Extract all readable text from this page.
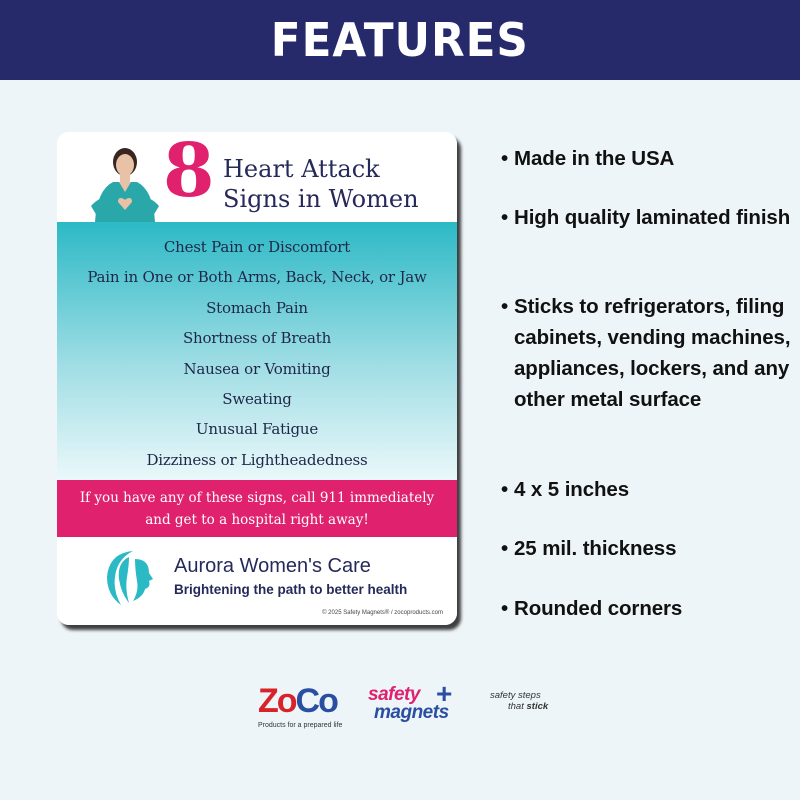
FEATURES
8 Heart Attack
Signs in Women
Chest Pain or Discomfort
Pain in One or Both Arms, Back, Neck, or Jaw
Stomach Pain
Shortness of Breath
Nausea or Vomiting
Sweating
Unusual Fatigue
Dizziness or Lightheadedness
If you have any of these signs, call 911 immediately
and get to a hospital right away!
Aurora Women's Care
Brightening the path to better health
© 2025 Safety Magnets® / zocoproducts.com
• Made in the USA
• High quality laminated finish
• Sticks to refrigerators, filing cabinets, vending machines, appliances, lockers, and any other metal surface
• 4 x 5 inches
• 25 mil. thickness
• Rounded corners
ZoCo
Products for a prepared life
safety +
magnets
safety steps
that stick
